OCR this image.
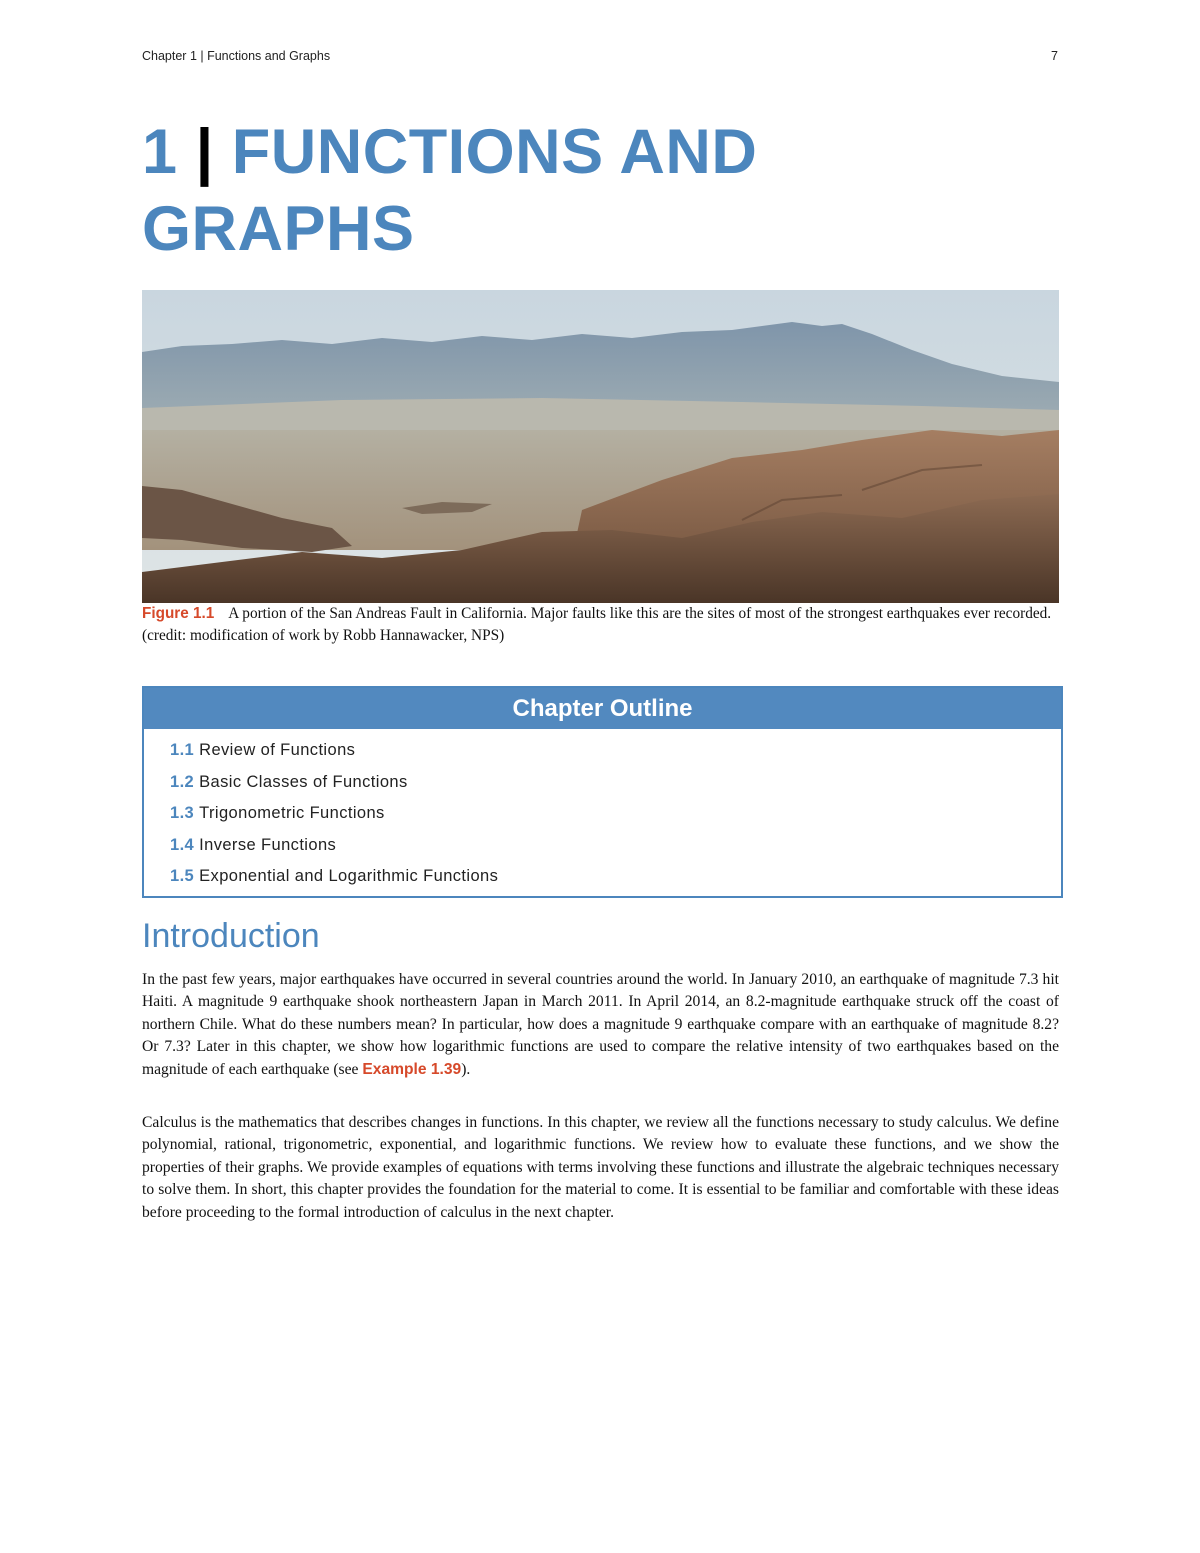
Chapter 1 | Functions and Graphs	7
1 | FUNCTIONS AND
GRAPHS
Figure 1.1 A portion of the San Andreas Fault in California. Major faults like this are the sites of most of the strongest earthquakes ever recorded. (credit: modification of work by Robb Hannawacker, NPS)
Chapter Outline
1.1 Review of Functions
1.2 Basic Classes of Functions
1.3 Trigonometric Functions
1.4 Inverse Functions
1.5 Exponential and Logarithmic Functions
Introduction

In the past few years, major earthquakes have occurred in several countries around the world. In January 2010, an earthquake of magnitude 7.3 hit Haiti. A magnitude 9 earthquake shook northeastern Japan in March 2011. In April 2014, an 8.2-magnitude earthquake struck off the coast of northern Chile. What do these numbers mean? In particular, how does a magnitude 9 earthquake compare with an earthquake of magnitude 8.2? Or 7.3? Later in this chapter, we show how logarithmic functions are used to compare the relative intensity of two earthquakes based on the magnitude of each earthquake (see Example 1.39).

Calculus is the mathematics that describes changes in functions. In this chapter, we review all the functions necessary to study calculus. We define polynomial, rational, trigonometric, exponential, and logarithmic functions. We review how to evaluate these functions, and we show the properties of their graphs. We provide examples of equations with terms involving these functions and illustrate the algebraic techniques necessary to solve them. In short, this chapter provides the foundation for the material to come. It is essential to be familiar and comfortable with these ideas before proceeding to the formal introduction of calculus in the next chapter.
